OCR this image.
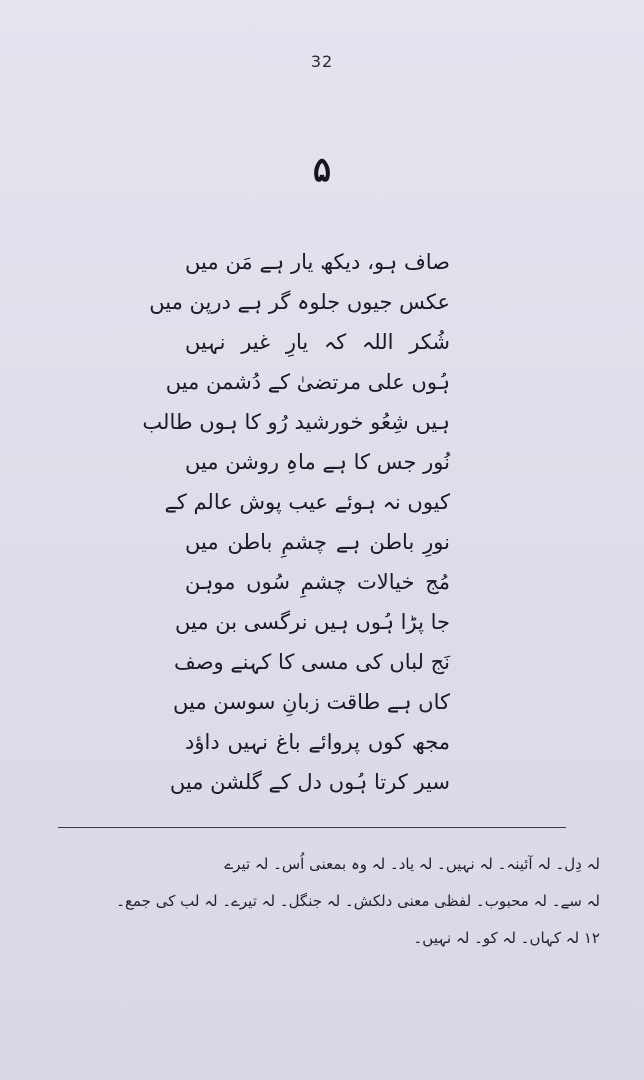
32
۵
صاف ہو، دیکھ یار ہے مَن میں
عکس جیوں جلوہ گر ہے درپن میں
شُکر اللہ کہ یارِ غیر نہیں
ہُوں علی مرتضیٰ کے دُشمن میں
ہیں شِعُو خورشید رُو کا ہوں طالب
نُور جس کا ہے ماہِ روشن میں
کیوں نہ ہوئے عیب پوش عالم کے
نورِ باطن ہے چشمِ باطن میں
مُج خیالات چشمِ سُوں موہن
جا پڑا ہُوں ہیں نرگسی بن میں
نَج لباں کی مسی کا کہنے وصف
کاں ہے طاقت زبانِ سوسن میں
مجھ کوں پروائے باغ نہیں داؤد
سیر کرتا ہُوں دل کے گلشن میں
لہ دِل۔ لہ آئینہ۔ لہ نہیں۔ لہ یاد۔ لہ وہ بمعنی اُس۔ لہ تیرے
لہ سے۔ لہ محبوب۔ لفظی معنی دلکش۔ لہ جنگل۔ لہ تیرے۔ لہ لب کی جمع۔
۱۲ لہ کہاں۔ لہ کو۔ لہ نہیں۔
